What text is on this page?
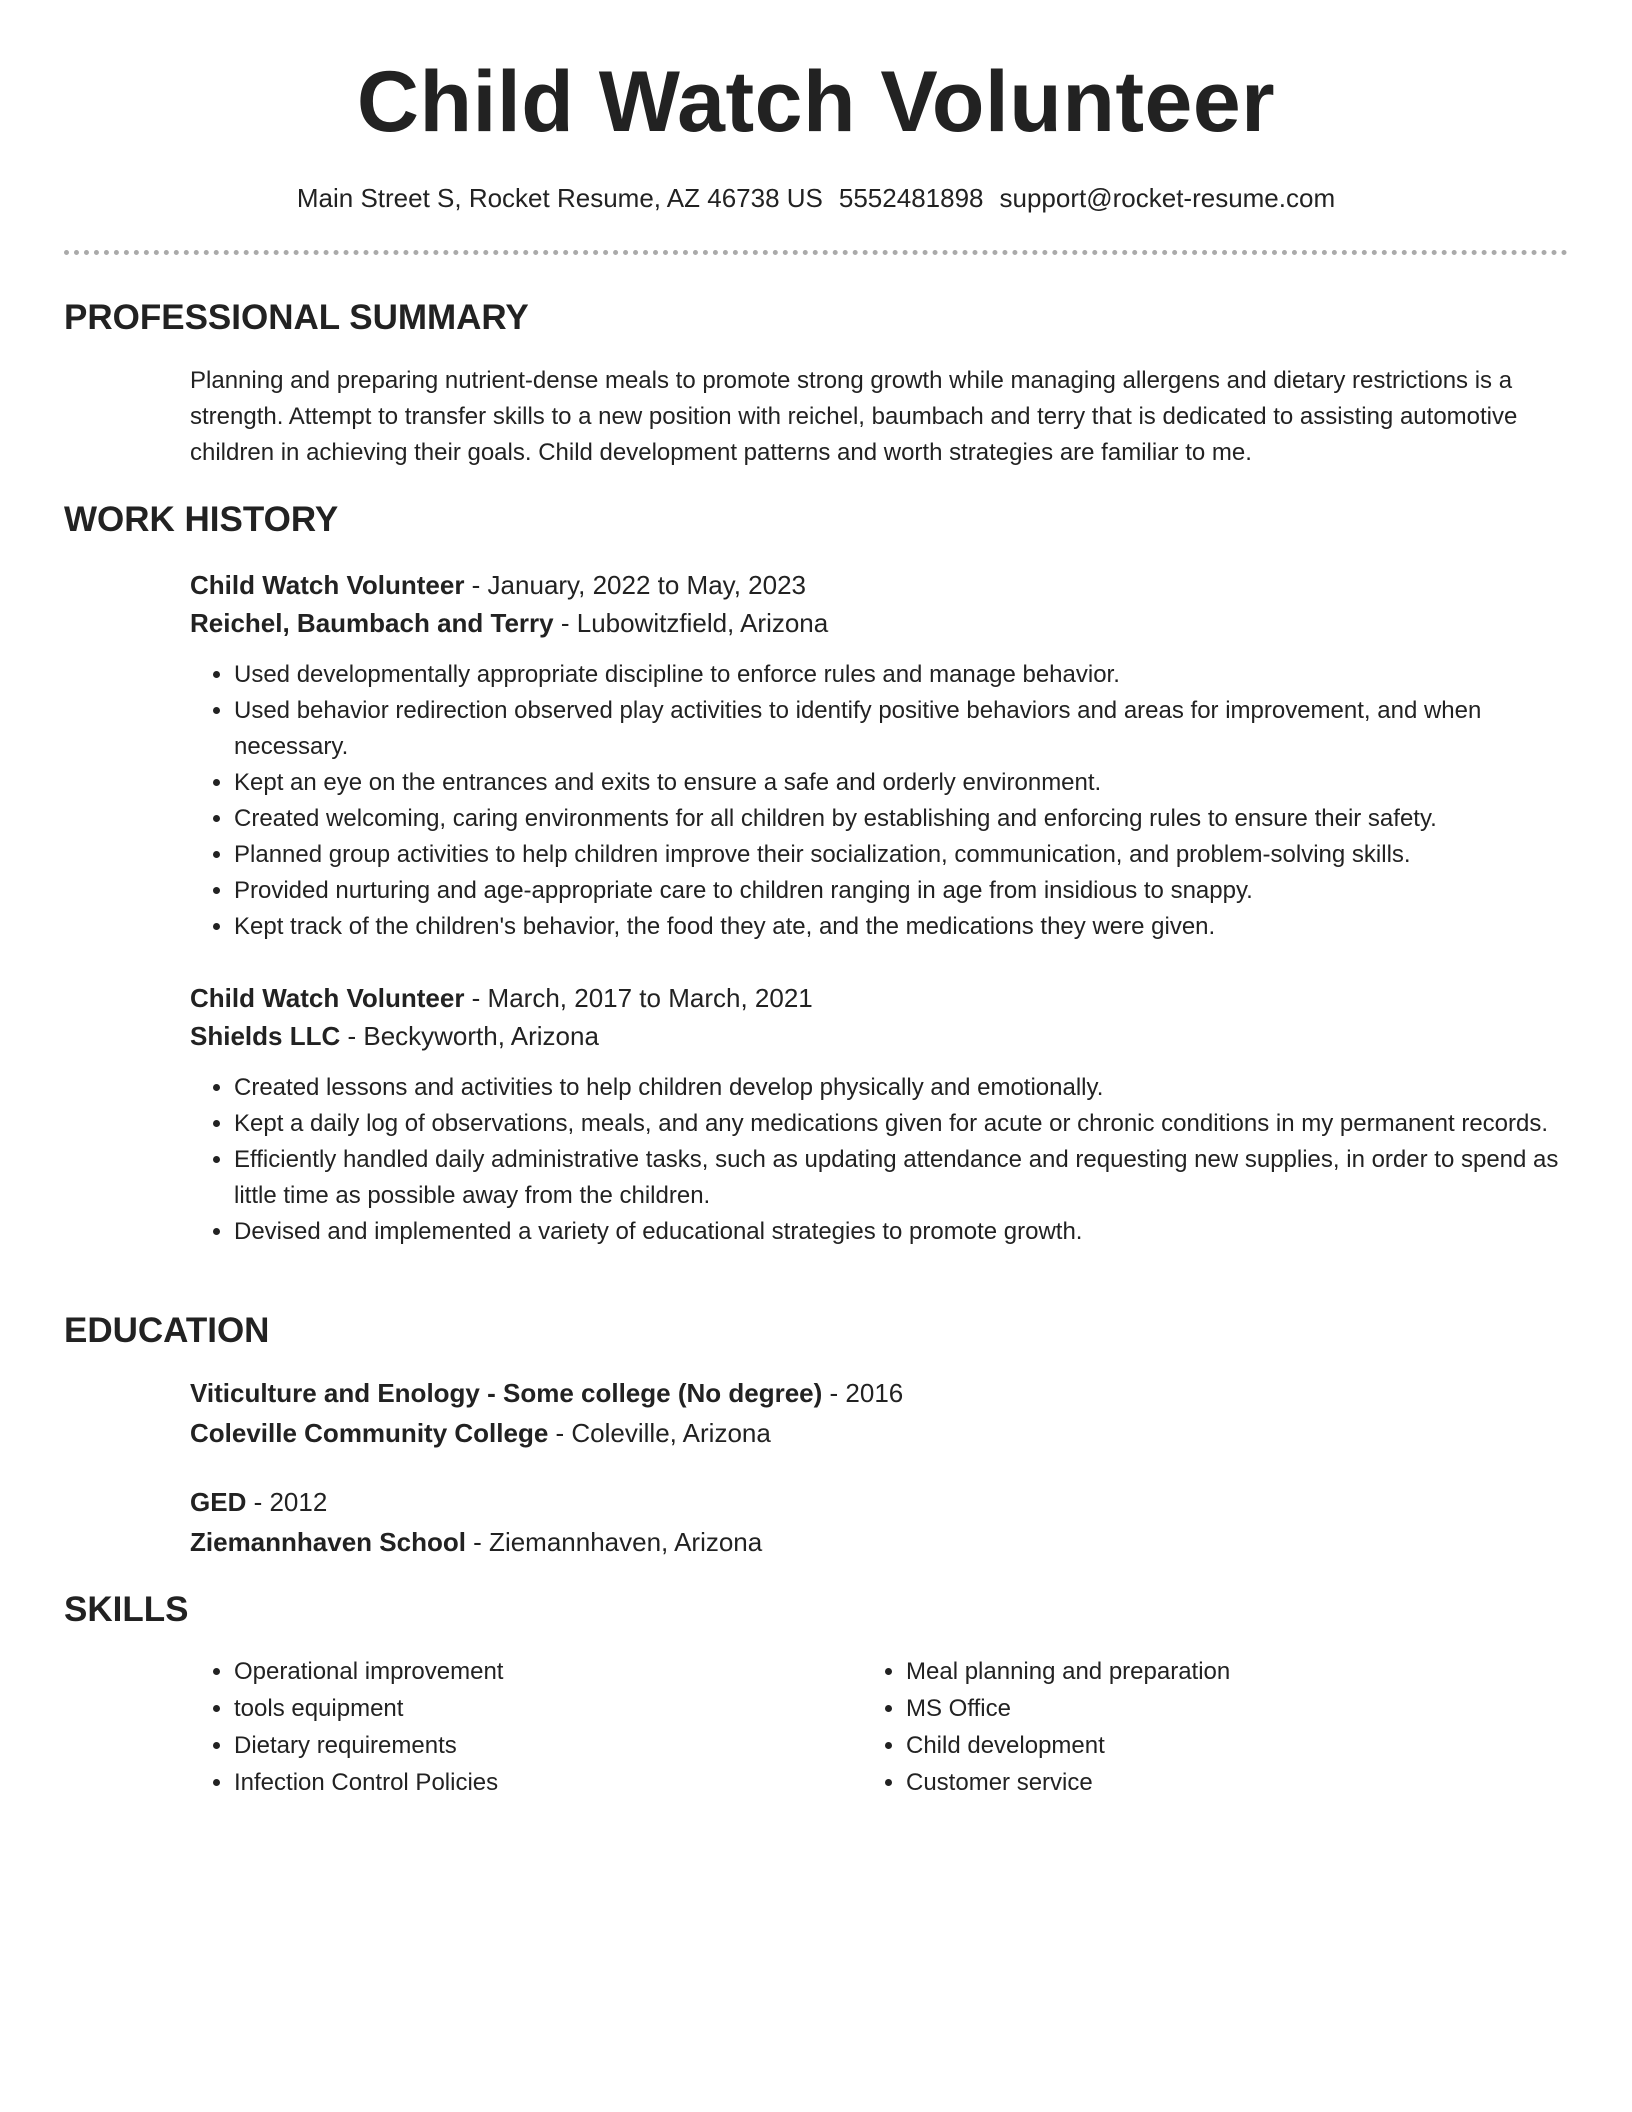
Child Watch Volunteer
Main Street S, Rocket Resume, AZ 46738 US 5552481898 support@rocket-resume.com
PROFESSIONAL SUMMARY

Planning and preparing nutrient-dense meals to promote strong growth while managing allergens and dietary restrictions is a strength. Attempt to transfer skills to a new position with reichel, baumbach and terry that is dedicated to assisting automotive children in achieving their goals. Child development patterns and worth strategies are familiar to me.

WORK HISTORY
Child Watch Volunteer - January, 2022 to May, 2023
Reichel, Baumbach and Terry - Lubowitzfield, Arizona
• Used developmentally appropriate discipline to enforce rules and manage behavior.
• Used behavior redirection observed play activities to identify positive behaviors and areas for improvement, and when necessary.
• Kept an eye on the entrances and exits to ensure a safe and orderly environment.
• Created welcoming, caring environments for all children by establishing and enforcing rules to ensure their safety.
• Planned group activities to help children improve their socialization, communication, and problem-solving skills.
• Provided nurturing and age-appropriate care to children ranging in age from insidious to snappy.
• Kept track of the children's behavior, the food they ate, and the medications they were given.
Child Watch Volunteer - March, 2017 to March, 2021
Shields LLC - Beckyworth, Arizona
• Created lessons and activities to help children develop physically and emotionally.
• Kept a daily log of observations, meals, and any medications given for acute or chronic conditions in my permanent records.
• Efficiently handled daily administrative tasks, such as updating attendance and requesting new supplies, in order to spend as little time as possible away from the children.
• Devised and implemented a variety of educational strategies to promote growth.
EDUCATION
Viticulture and Enology - Some college (No degree) - 2016
Coleville Community College - Coleville, Arizona
GED - 2012
Ziemannhaven School - Ziemannhaven, Arizona
SKILLS
• Operational improvement
• tools equipment
• Dietary requirements
• Infection Control Policies
• Meal planning and preparation
• MS Office
• Child development
• Customer service
